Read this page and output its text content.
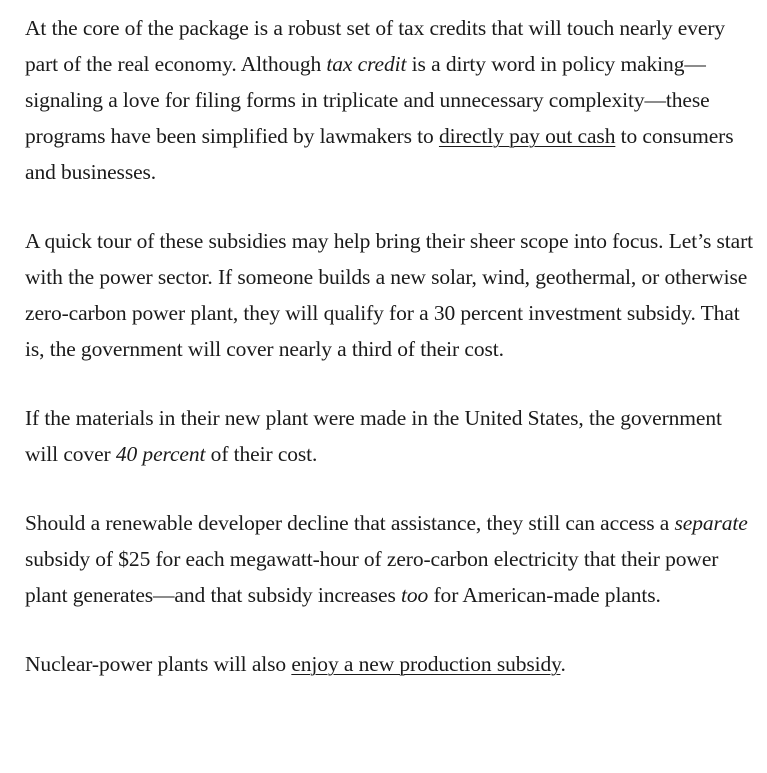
At the core of the package is a robust set of tax credits that will touch nearly every part of the real economy. Although tax credit is a dirty word in policy making—signaling a love for filing forms in triplicate and unnecessary complexity—these programs have been simplified by lawmakers to directly pay out cash to consumers and businesses.

A quick tour of these subsidies may help bring their sheer scope into focus. Let’s start with the power sector. If someone builds a new solar, wind, geothermal, or otherwise zero-carbon power plant, they will qualify for a 30 percent investment subsidy. That is, the government will cover nearly a third of their cost.

If the materials in their new plant were made in the United States, the government will cover 40 percent of their cost.

Should a renewable developer decline that assistance, they still can access a separate subsidy of $25 for each megawatt-hour of zero-carbon electricity that their power plant generates—and that subsidy increases too for American-made plants.

Nuclear-power plants will also enjoy a new production subsidy.
